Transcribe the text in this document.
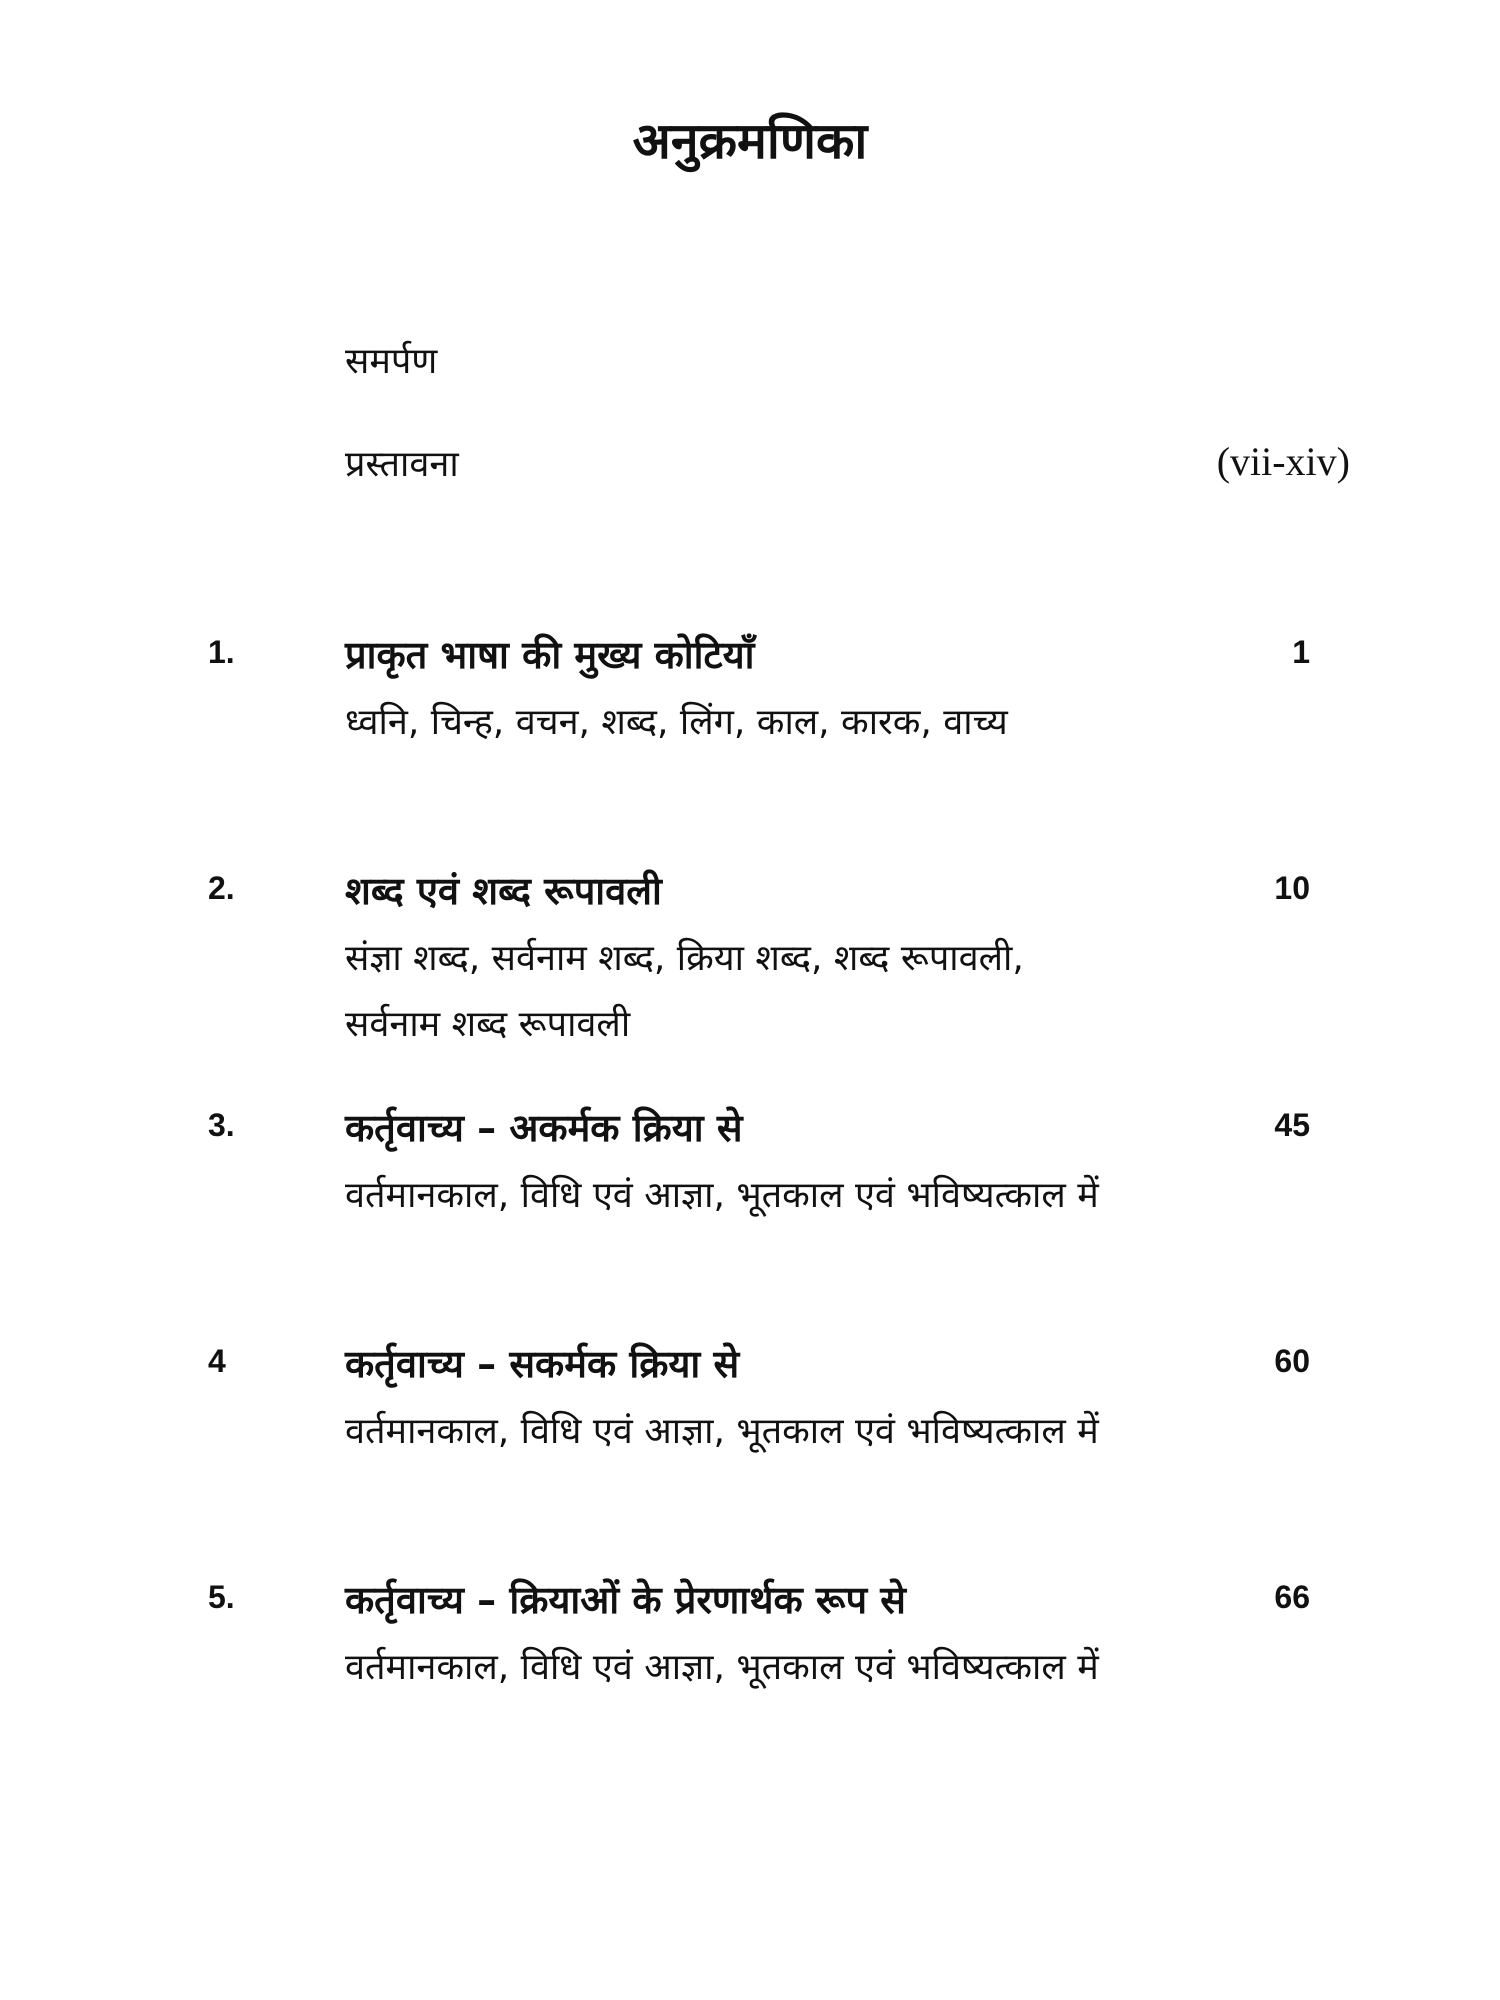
अनुक्रमणिका
समर्पण
प्रस्तावना	(vii-xiv)
1.	प्राकृत भाषा की मुख्य कोटियाँ	1
ध्वनि, चिन्ह, वचन, शब्द, लिंग, काल, कारक, वाच्य
2.	शब्द एवं शब्द रूपावली	10
संज्ञा शब्द, सर्वनाम शब्द, क्रिया शब्द, शब्द रूपावली, सर्वनाम शब्द रूपावली
3.	कर्तृवाच्य – अकर्मक क्रिया से	45
वर्तमानकाल, विधि एवं आज्ञा, भूतकाल एवं भविष्यत्काल में
4	कर्तृवाच्य – सकर्मक क्रिया से	60
वर्तमानकाल, विधि एवं आज्ञा, भूतकाल एवं भविष्यत्काल में
5.	कर्तृवाच्य – क्रियाओं के प्रेरणार्थक रूप से	66
वर्तमानकाल, विधि एवं आज्ञा, भूतकाल एवं भविष्यत्काल में
